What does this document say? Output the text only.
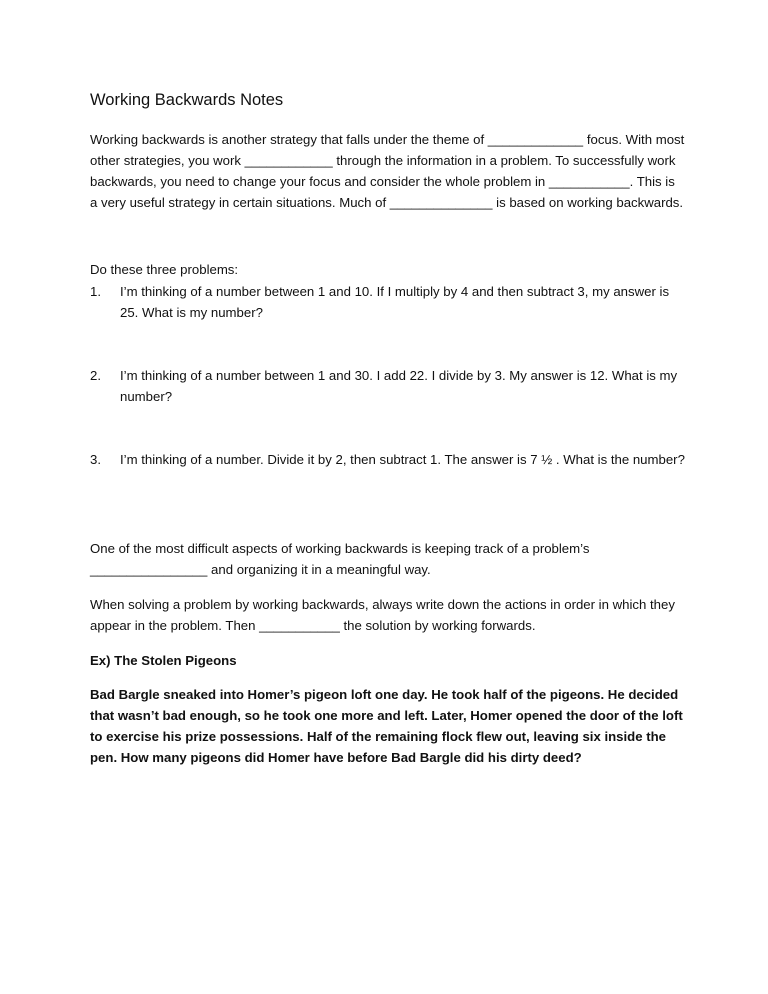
Working Backwards Notes

Working backwards is another strategy that falls under the theme of _____________ focus. With most other strategies, you work ____________ through the information in a problem. To successfully work backwards, you need to change your focus and consider the whole problem in ___________. This is a very useful strategy in certain situations. Much of ______________ is based on working backwards.

Do these three problems:

1. I’m thinking of a number between 1 and 10. If I multiply by 4 and then subtract 3, my answer is 25. What is my number?
2. I’m thinking of a number between 1 and 30. I add 22. I divide by 3. My answer is 12. What is my number?
3. I’m thinking of a number. Divide it by 2, then subtract 1. The answer is 7 ½ . What is the number?

One of the most difficult aspects of working backwards is keeping track of a problem’s ________________ and organizing it in a meaningful way.

When solving a problem by working backwards, always write down the actions in order in which they appear in the problem. Then ___________ the solution by working forwards.

Ex) The Stolen Pigeons

Bad Bargle sneaked into Homer’s pigeon loft one day. He took half of the pigeons. He decided that wasn’t bad enough, so he took one more and left. Later, Homer opened the door of the loft to exercise his prize possessions. Half of the remaining flock flew out, leaving six inside the pen. How many pigeons did Homer have before Bad Bargle did his dirty deed?
